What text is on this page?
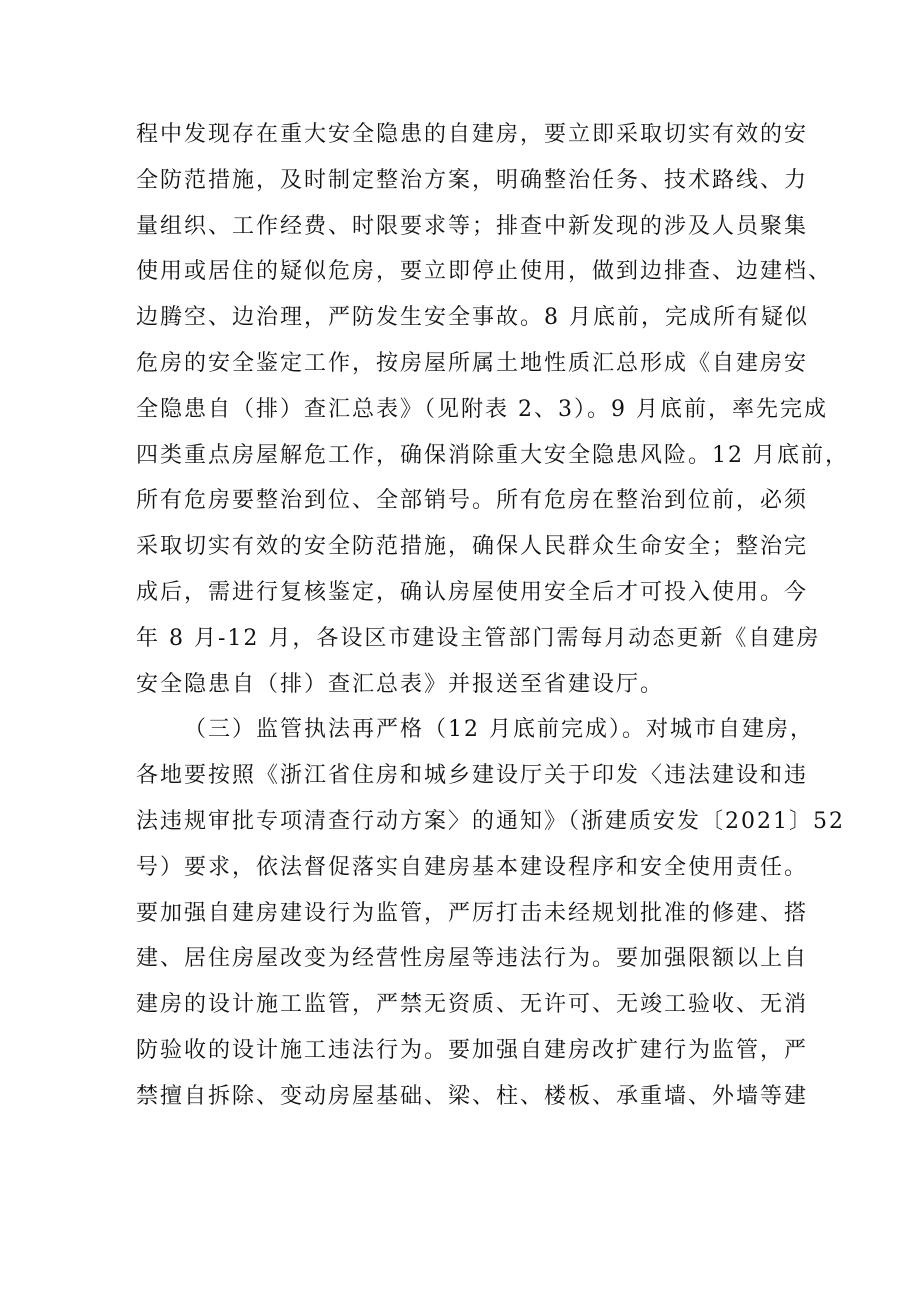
程中发现存在重大安全隐患的自建房，要立即采取切实有效的安
全防范措施，及时制定整治方案，明确整治任务、技术路线、力
量组织、工作经费、时限要求等；排查中新发现的涉及人员聚集
使用或居住的疑似危房，要立即停止使用，做到边排查、边建档、
边腾空、边治理，严防发生安全事故。8 月底前，完成所有疑似
危房的安全鉴定工作，按房屋所属土地性质汇总形成《自建房安
全隐患自（排）查汇总表》（见附表 2、3）。9 月底前，率先完成
四类重点房屋解危工作，确保消除重大安全隐患风险。12 月底前，
所有危房要整治到位、全部销号。所有危房在整治到位前，必须
采取切实有效的安全防范措施，确保人民群众生命安全；整治完
成后，需进行复核鉴定，确认房屋使用安全后才可投入使用。今
年 8 月-12 月，各设区市建设主管部门需每月动态更新《自建房
安全隐患自（排）查汇总表》并报送至省建设厅。
（三）监管执法再严格（12 月底前完成）。对城市自建房，
各地要按照《浙江省住房和城乡建设厅关于印发〈违法建设和违
法违规审批专项清查行动方案〉的通知》（浙建质安发〔2021〕52
号）要求，依法督促落实自建房基本建设程序和安全使用责任。
要加强自建房建设行为监管，严厉打击未经规划批准的修建、搭
建、居住房屋改变为经营性房屋等违法行为。要加强限额以上自
建房的设计施工监管，严禁无资质、无许可、无竣工验收、无消
防验收的设计施工违法行为。要加强自建房改扩建行为监管，严
禁擅自拆除、变动房屋基础、梁、柱、楼板、承重墙、外墙等建
